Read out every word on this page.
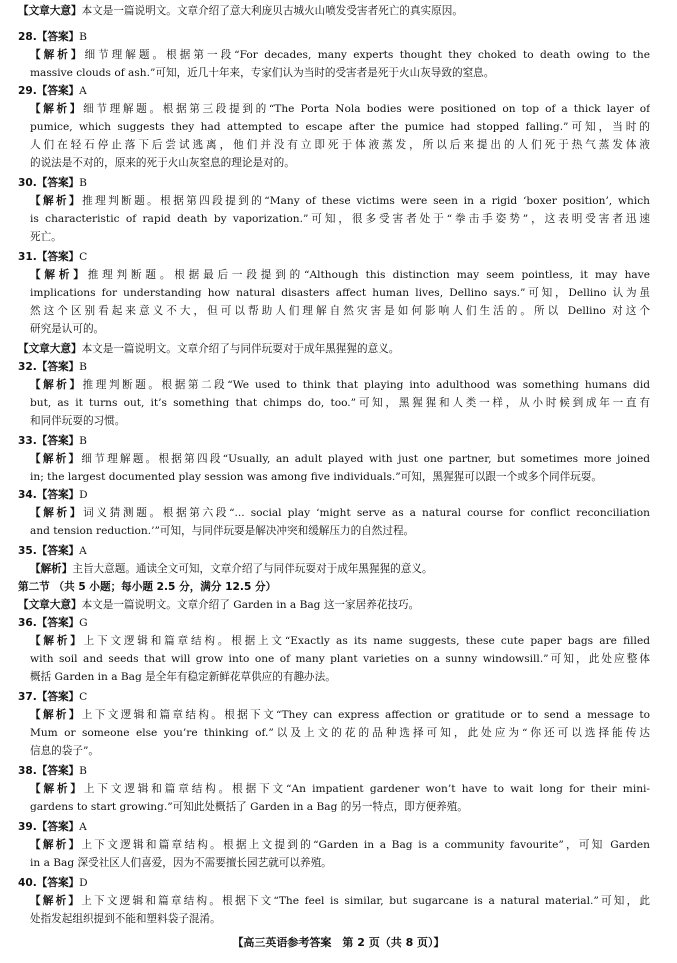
【文章大意】本文是一篇说明文。文章介绍了意大利庞贝古城火山喷发受害者死亡的真实原因。
28.【答案】B
【解析】细节理解题。根据第一段“For decades, many experts thought they choked to death owing to the
massive clouds of ash.”可知，近几十年来，专家们认为当时的受害者是死于火山灰导致的窒息。
29.【答案】A
【解析】细节理解题。根据第三段提到的“The Porta Nola bodies were positioned on top of a thick layer of
pumice, which suggests they had attempted to escape after the pumice had stopped falling.”可知，当时的
人们在轻石停止落下后尝试逃离，他们并没有立即死于体液蒸发，所以后来提出的人们死于热气蒸发体液
的说法是不对的，原来的死于火山灰窒息的理论是对的。
30.【答案】B
【解析】推理判断题。根据第四段提到的“Many of these victims were seen in a rigid ‘boxer position’, which
is characteristic of rapid death by vaporization.”可知，很多受害者处于“拳击手姿势”，这表明受害者迅速
死亡。
31.【答案】C
【解析】推理判断题。根据最后一段提到的“Although this distinction may seem pointless, it may have
implications for understanding how natural disasters affect human lives, Dellino says.”可知，Dellino 认为虽
然这个区别看起来意义不大，但可以帮助人们理解自然灾害是如何影响人们生活的。所以 Dellino 对这个
研究是认可的。
【文章大意】本文是一篇说明文。文章介绍了与同伴玩耍对于成年黑猩猩的意义。
32.【答案】B
【解析】推理判断题。根据第二段“We used to think that playing into adulthood was something humans did
but, as it turns out, it’s something that chimps do, too.”可知，黑猩猩和人类一样，从小时候到成年一直有
和同伴玩耍的习惯。
33.【答案】B
【解析】细节理解题。根据第四段“Usually, an adult played with just one partner, but sometimes more joined
in; the largest documented play session was among five individuals.”可知，黑猩猩可以跟一个或多个同伴玩耍。
34.【答案】D
【解析】词义猜测题。根据第六段“... social play ‘might serve as a natural course for conflict reconciliation
and tension reduction.’”可知，与同伴玩耍是解决冲突和缓解压力的自然过程。
35.【答案】A
【解析】主旨大意题。通读全文可知，文章介绍了与同伴玩耍对于成年黑猩猩的意义。
第二节 （共 5 小题；每小题 2.5 分，满分 12.5 分）
【文章大意】本文是一篇说明文。文章介绍了 Garden in a Bag 这一家居养花技巧。
36.【答案】G
【解析】上下文逻辑和篇章结构。根据上文“Exactly as its name suggests, these cute paper bags are filled
with soil and seeds that will grow into one of many plant varieties on a sunny windowsill.”可知，此处应整体
概括 Garden in a Bag 是全年有稳定新鲜花草供应的有趣办法。
37.【答案】C
【解析】上下文逻辑和篇章结构。根据下文“They can express affection or gratitude or to send a message to
Mum or someone else you’re thinking of.”以及上文的花的品种选择可知，此处应为“你还可以选择能传达
信息的袋子”。
38.【答案】B
【解析】上下文逻辑和篇章结构。根据下文“An impatient gardener won’t have to wait long for their mini-
gardens to start growing.”可知此处概括了 Garden in a Bag 的另一特点，即方便养殖。
39.【答案】A
【解析】上下文逻辑和篇章结构。根据上文提到的“Garden in a Bag is a community favourite”，可知 Garden
in a Bag 深受社区人们喜爱，因为不需要擅长园艺就可以养殖。
40.【答案】D
【解析】上下文逻辑和篇章结构。根据下文“The feel is similar, but sugarcane is a natural material.”可知，此
处指发起组织提到不能和塑料袋子混淆。
【高三英语参考答案　第 2 页（共 8 页）】
